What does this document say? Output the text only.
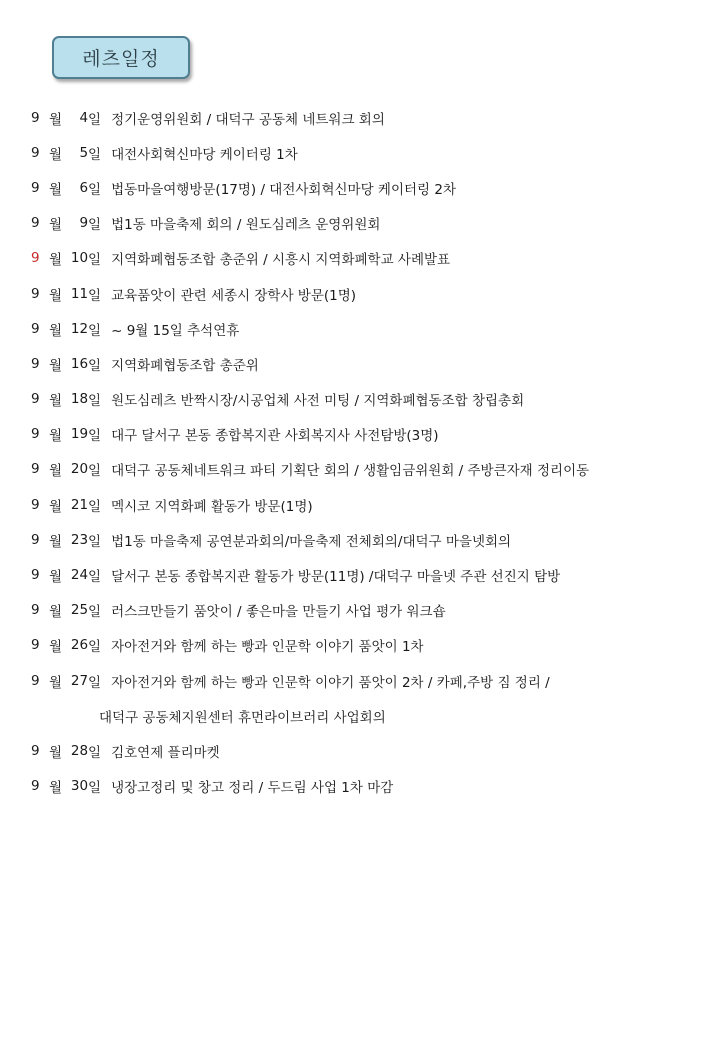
레츠일정
9 월	4 일 정기운영위원회 / 대덕구 공동체 네트워크 회의
9 월	5 일 대전사회혁신마당 케이터링 1차
9 월	6 일 법동마을여행방문(17명) / 대전사회혁신마당 케이터링 2차
9 월	9 일 법1동 마을축제 회의 / 원도심레츠 운영위원회
9 월 10 일 지역화폐협동조합 총준위 / 시흥시 지역화폐학교 사례발표
9 월 11 일 교육품앗이 관련 세종시 장학사 방문(1명)
9 월 12 일 ~ 9월 15일 추석연휴
9 월 16 일 지역화폐협동조합 총준위
9 월 18 일 원도심레츠 반짝시장/시공업체 사전 미팅 / 지역화폐협동조합 창립총회
9 월 19 일 대구 달서구 본동 종합복지관 사회복지사 사전탐방(3명)
9 월 20 일 대덕구 공동체네트워크 파티 기획단 회의 / 생활임금위원회 / 주방큰자재 정리이동
9 월 21 일 멕시코 지역화폐 활동가 방문(1명)
9 월 23 일 법1동 마을축제 공연분과회의/마을축제 전체회의/대덕구 마을넷회의
9 월 24 일 달서구 본동 종합복지관 활동가 방문(11명) /대덕구 마을넷 주관 선진지 탐방
9 월 25 일 러스크만들기 품앗이 / 좋은마을 만들기 사업 평가 워크숍
9 월 26 일 자아전거와 함께 하는 빵과 인문학 이야기 품앗이 1차
9 월 27 일 자아전거와 함께 하는 빵과 인문학 이야기 품앗이 2차 / 카페,주방 짐 정리 /
대덕구 공동체지원센터 휴먼라이브러리 사업회의
9 월 28 일 김호연제 플리마켓
9 월 30 일 냉장고정리 및 창고 정리 / 두드림 사업 1차 마감
